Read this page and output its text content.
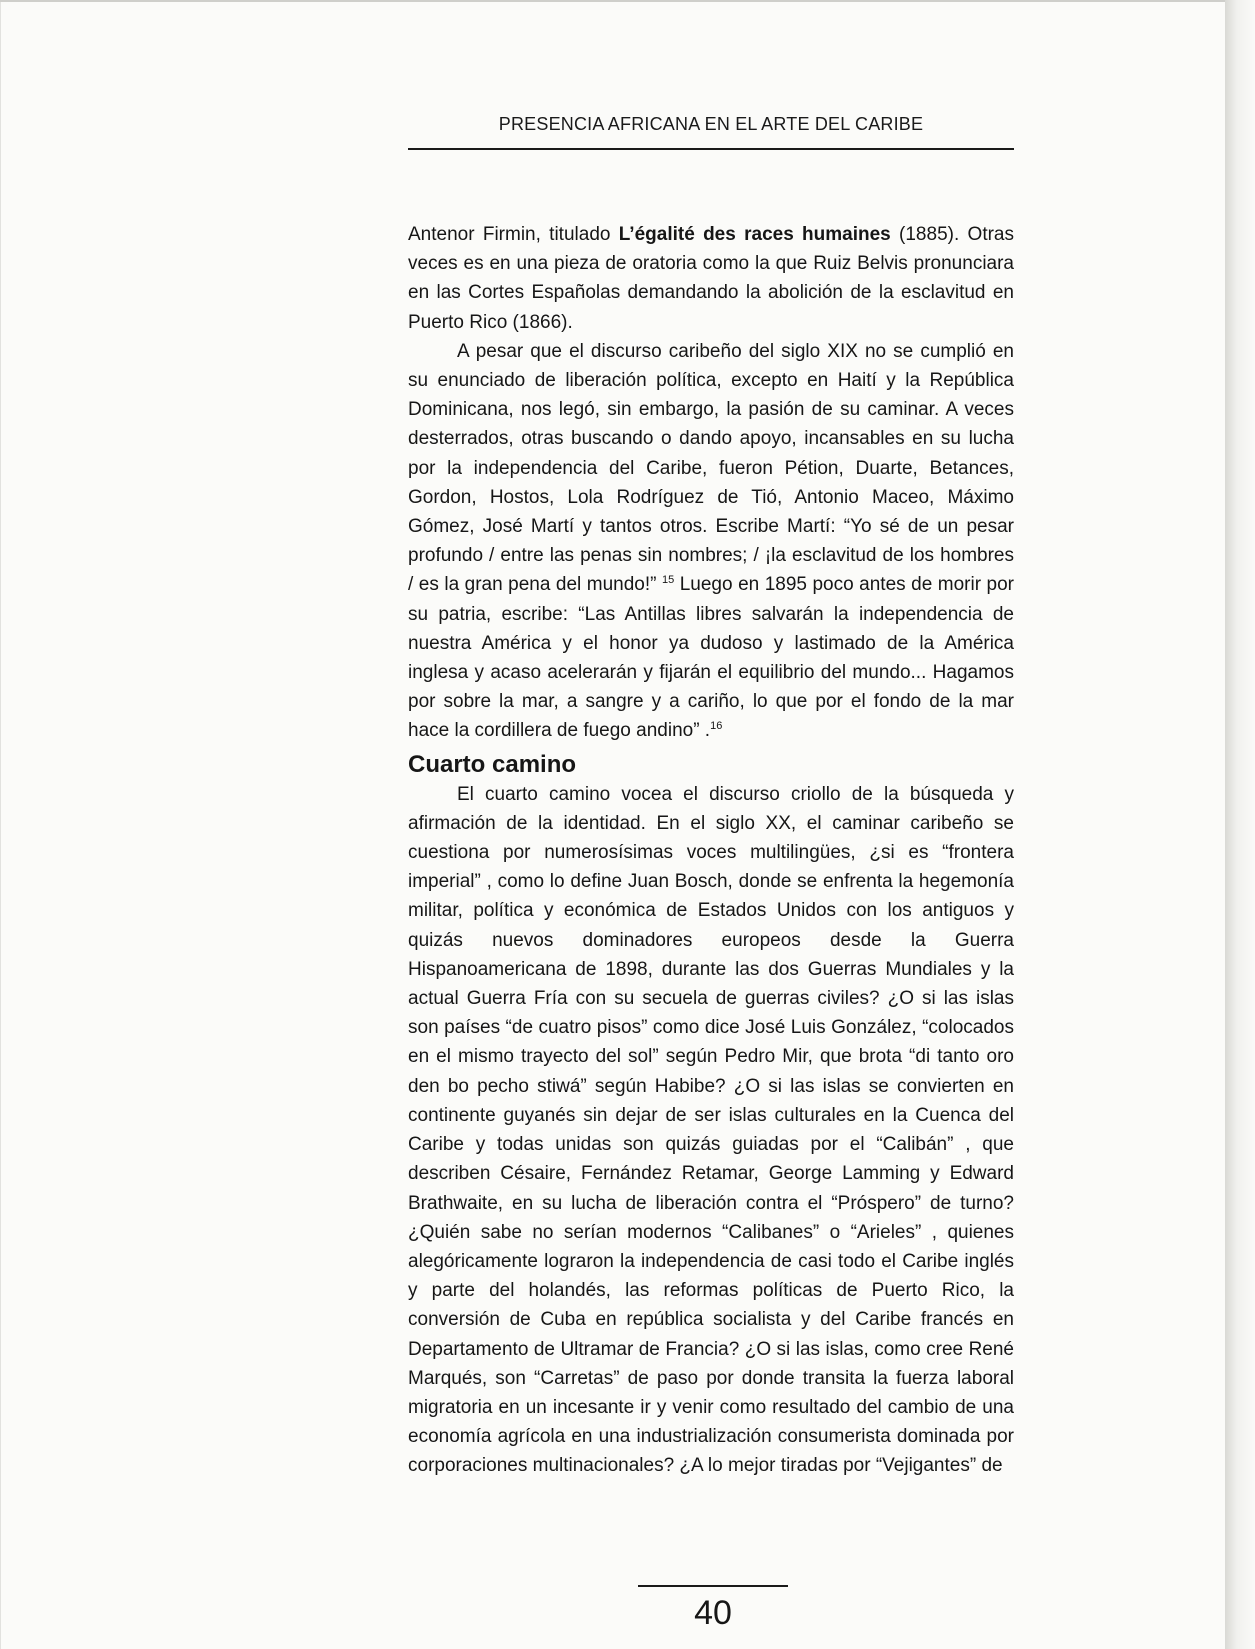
PRESENCIA AFRICANA EN EL ARTE DEL CARIBE

Antenor Firmin, titulado L’égalité des races humaines (1885). Otras veces es en una pieza de oratoria como la que Ruiz Belvis pronunciara en las Cortes Españolas demandando la abolición de la esclavitud en Puerto Rico (1866).

A pesar que el discurso caribeño del siglo XIX no se cumplió en su enunciado de liberación política, excepto en Haití y la República Dominicana, nos legó, sin embargo, la pasión de su caminar. A veces desterrados, otras buscando o dando apoyo, incansables en su lucha por la independencia del Caribe, fueron Pétion, Duarte, Betances, Gordon, Hostos, Lola Rodríguez de Tió, Antonio Maceo, Máximo Gómez, José Martí y tantos otros. Escribe Martí: “Yo sé de un pesar profundo / entre las penas sin nombres; / ¡la esclavitud de los hombres / es la gran pena del mundo!” $^{15}$ Luego en 1895 poco antes de morir por su patria, escribe: “Las Antillas libres salvarán la independencia de nuestra América y el honor ya dudoso y lastimado de la América inglesa y acaso acelerarán y fijarán el equilibrio del mundo... Hagamos por sobre la mar, a sangre y a cariño, lo que por el fondo de la mar hace la cordillera de fuego andino” .$^{16}$

Cuarto camino

El cuarto camino vocea el discurso criollo de la búsqueda y afirmación de la identidad. En el siglo XX, el caminar caribeño se cuestiona por numerosísimas voces multilingües, ¿si es “frontera imperial” , como lo define Juan Bosch, donde se enfrenta la hegemonía militar, política y económica de Estados Unidos con los antiguos y quizás nuevos dominadores europeos desde la Guerra Hispanoamericana de 1898, durante las dos Guerras Mundiales y la actual Guerra Fría con su secuela de guerras civiles? ¿O si las islas son países “de cuatro pisos” como dice José Luis González, “colocados en el mismo trayecto del sol” según Pedro Mir, que brota “di tanto oro den bo pecho stiwá” según Habibe? ¿O si las islas se convierten en continente guyanés sin dejar de ser islas culturales en la Cuenca del Caribe y todas unidas son quizás guiadas por el “Calibán” , que describen Césaire, Fernández Retamar, George Lamming y Edward Brathwaite, en su lucha de liberación contra el “Próspero” de turno? ¿Quién sabe no serían modernos “Calibanes” o “Arieles” , quienes alegóricamente lograron la independencia de casi todo el Caribe inglés y parte del holandés, las reformas políticas de Puerto Rico, la conversión de Cuba en república socialista y del Caribe francés en Departamento de Ultramar de Francia? ¿O si las islas, como cree René Marqués, son “Carretas” de paso por donde transita la fuerza laboral migratoria en un incesante ir y venir como resultado del cambio de una economía agrícola en una industrialización consumerista dominada por corporaciones multinacionales? ¿A lo mejor tiradas por “Vejigantes” de

40
